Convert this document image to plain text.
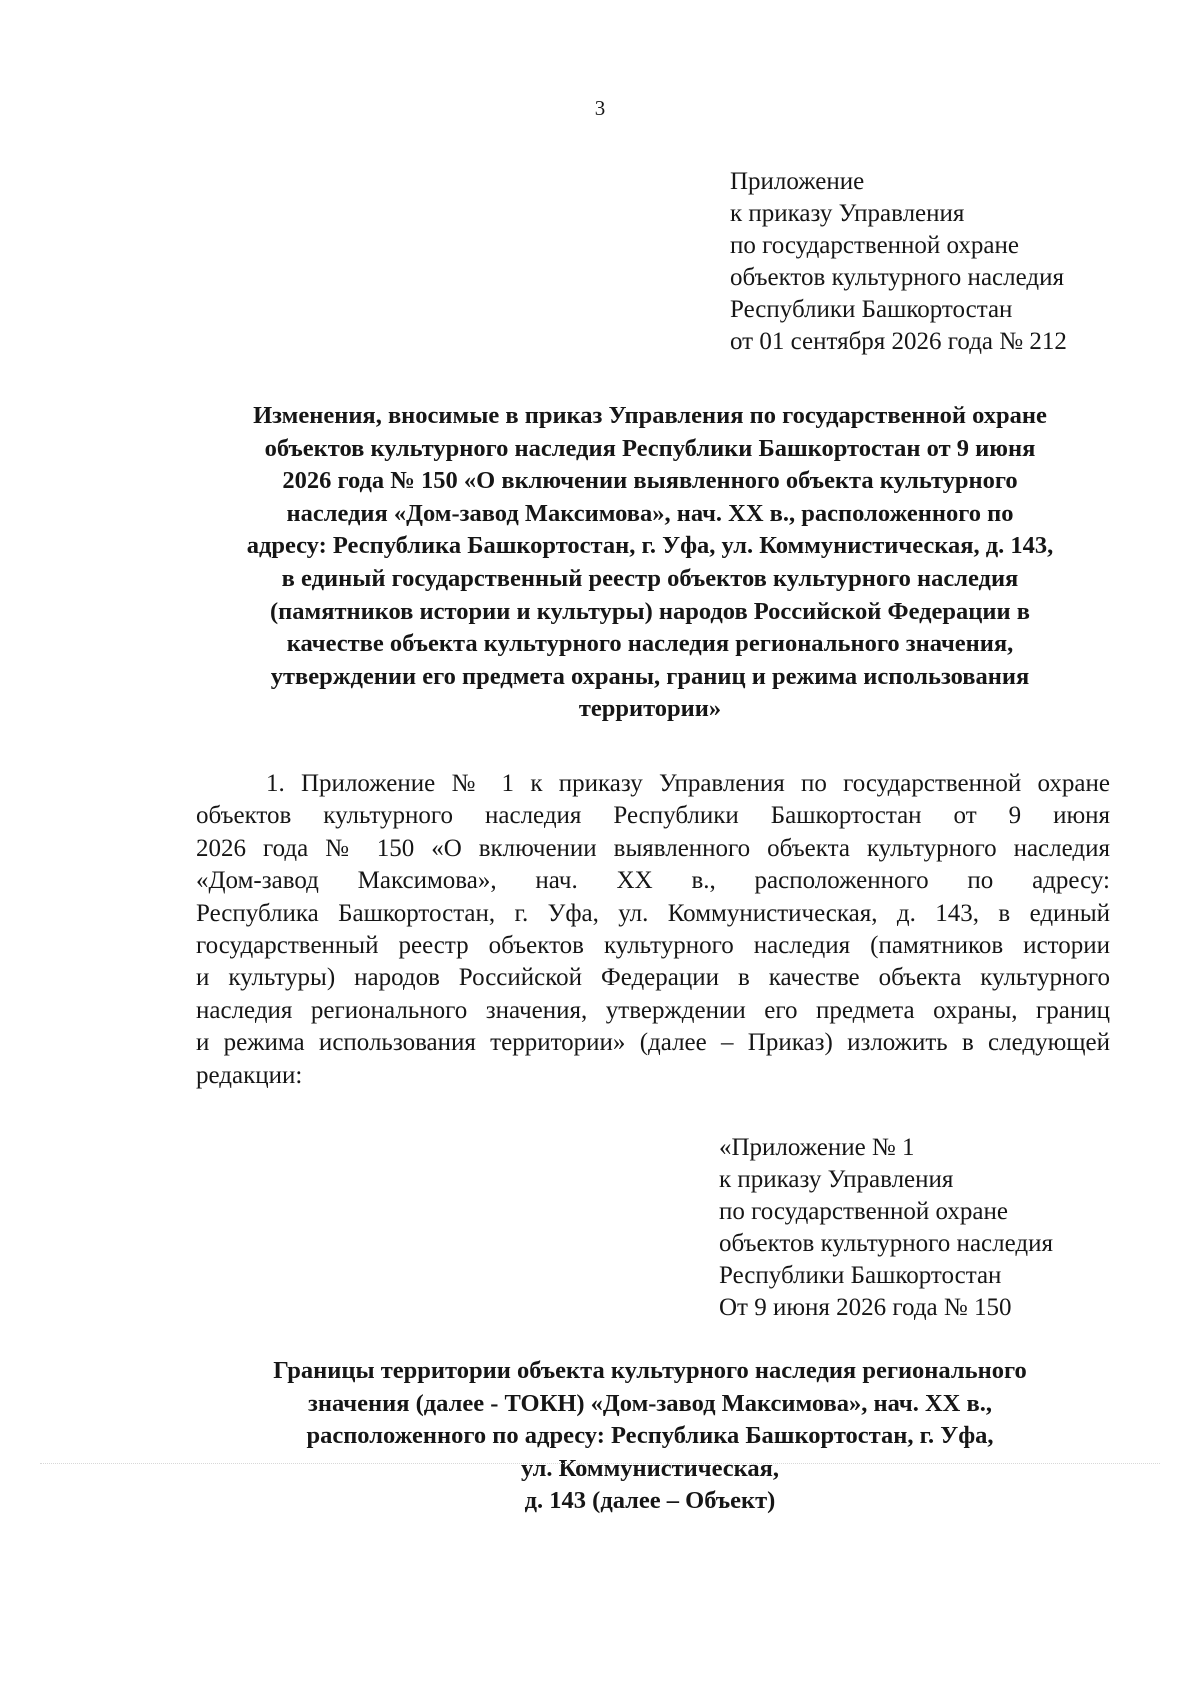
3
Приложение
к приказу Управления
по государственной охране
объектов культурного наследия
Республики Башкортостан
от 01 сентября 2026 года № 212
Изменения, вносимые в приказ Управления по государственной охране
объектов культурного наследия Республики Башкортостан от 9 июня
2026 года № 150 «О включении выявленного объекта культурного
наследия «Дом-завод Максимова», нач. XX в., расположенного по
адресу: Республика Башкортостан, г. Уфа, ул. Коммунистическая, д. 143,
в единый государственный реестр объектов культурного наследия
(памятников истории и культуры) народов Российской Федерации в
качестве объекта культурного наследия регионального значения,
утверждении его предмета охраны, границ и режима использования
территории»
1. Приложение № 1 к приказу Управления по государственной охране
объектов культурного наследия Республики Башкортостан от 9 июня
2026 года № 150 «О включении выявленного объекта культурного наследия
«Дом-завод Максимова», нач. XX в., расположенного по адресу:
Республика Башкортостан, г. Уфа, ул. Коммунистическая, д. 143, в единый
государственный реестр объектов культурного наследия (памятников истории
и культуры) народов Российской Федерации в качестве объекта культурного
наследия регионального значения, утверждении его предмета охраны, границ
и режима использования территории» (далее – Приказ) изложить в следующей
редакции:
«Приложение № 1
к приказу Управления
по государственной охране
объектов культурного наследия
Республики Башкортостан
От 9 июня 2026 года № 150
Границы территории объекта культурного наследия регионального
значения (далее - ТОКН) «Дом-завод Максимова», нач. XX в.,
расположенного по адресу: Республика Башкортостан, г. Уфа,
ул. Коммунистическая,
д. 143 (далее – Объект)
